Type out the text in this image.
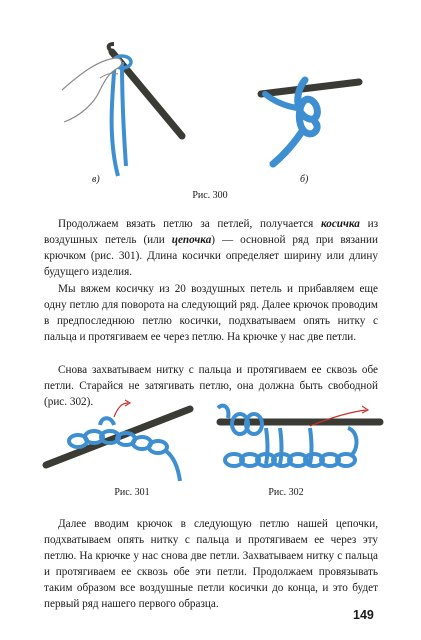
в)	б)
Рис. 300

Продолжаем вязать петлю за петлей, получается косичка из воздушных петель (или цепочка) — основной ряд при вязании крючком (рис. 301). Длина косички определяет ширину или длину будущего изделия.

Мы вяжем косичку из 20 воздушных петель и прибавляем еще одну петлю для поворота на следующий ряд. Далее крючок проводим в предпоследнюю петлю косички, подхватываем опять нитку с пальца и протягиваем ее через петлю. На крючке у нас две петли.

Снова захватываем нитку с пальца и протягиваем ее сквозь обе петли. Старайся не затягивать петлю, она должна быть свободной (рис. 302).

Рис. 301	Рис. 302

Далее вводим крючок в следующую петлю нашей цепочки, подхватываем опять нитку с пальца и протягиваем ее через эту петлю. На крючке у нас снова две петли. Захватываем нитку с пальца и протягиваем ее сквозь обе эти петли. Продолжаем провязывать таким образом все воздушные петли косички до конца, и это будет первый ряд нашего первого образца.

149
